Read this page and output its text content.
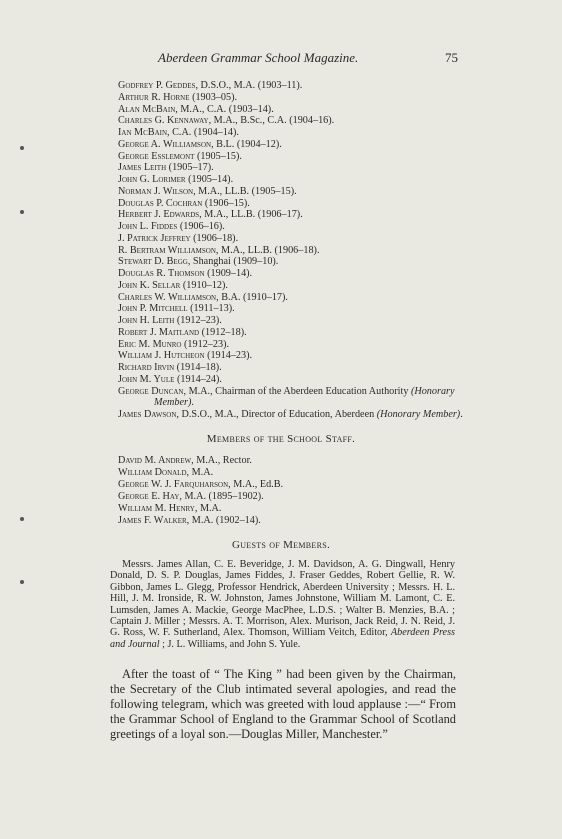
Aberdeen Grammar School Magazine.	75

Godfrey P. Geddes, D.S.O., M.A. (1903–11).

Arthur R. Horne (1903–05).

Alan McBain, M.A., C.A. (1903–14).

Charles G. Kennaway, M.A., B.Sc., C.A. (1904–16).

Ian McBain, C.A. (1904–14).

George A. Williamson, B.L. (1904–12).

George Esslemont (1905–15).

James Leith (1905–17).

John G. Lorimer (1905–14).

Norman J. Wilson, M.A., LL.B. (1905–15).

Douglas P. Cochran (1906–15).

Herbert J. Edwards, M.A., LL.B. (1906–17).

John L. Fiddes (1906–16).

J. Patrick Jeffrey (1906–18).

R. Bertram Williamson, M.A., LL.B. (1906–18).

Stewart D. Begg, Shanghai (1909–10).

Douglas R. Thomson (1909–14).

John K. Sellar (1910–12).

Charles W. Williamson, B.A. (1910–17).

John P. Mitchell (1911–13).

John H. Leith (1912–23).

Robert J. Maitland (1912–18).

Eric M. Munro (1912–23).

William J. Hutcheon (1914–23).

Richard Irvin (1914–18).

John M. Yule (1914–24).

George Duncan, M.A., Chairman of the Aberdeen Education Authority (Honorary Member).

James Dawson, D.S.O., M.A., Director of Education, Aberdeen (Honorary Member).

Members of the School Staff.

David M. Andrew, M.A., Rector.

William Donald, M.A.

George W. J. Farquharson, M.A., Ed.B.

George E. Hay, M.A. (1895–1902).

William M. Henry, M.A.

James F. Walker, M.A. (1902–14).

Guests of Members.

Messrs. James Allan, C. E. Beveridge, J. M. Davidson, A. G. Dingwall, Henry Donald, D. S. P. Douglas, James Fiddes, J. Fraser Geddes, Robert Gellie, R. W. Gibbon, James L. Glegg, Professor Hendrick, Aberdeen University ; Messrs. H. L. Hill, J. M. Ironside, R. W. Johnston, James Johnstone, William M. Lamont, C. E. Lumsden, James A. Mackie, George MacPhee, L.D.S. ; Walter B. Menzies, B.A. ; Captain J. Miller ; Messrs. A. T. Morrison, Alex. Murison, Jack Reid, J. N. Reid, J. G. Ross, W. F. Sutherland, Alex. Thomson, William Veitch, Editor, Aberdeen Press and Journal ; J. L. Williams, and John S. Yule.

After the toast of “ The King ” had been given by the Chairman, the Secretary of the Club intimated several apologies, and read the following telegram, which was greeted with loud applause :—“ From the Grammar School of England to the Grammar School of Scotland greetings of a loyal son.—Douglas Miller, Manchester.”
